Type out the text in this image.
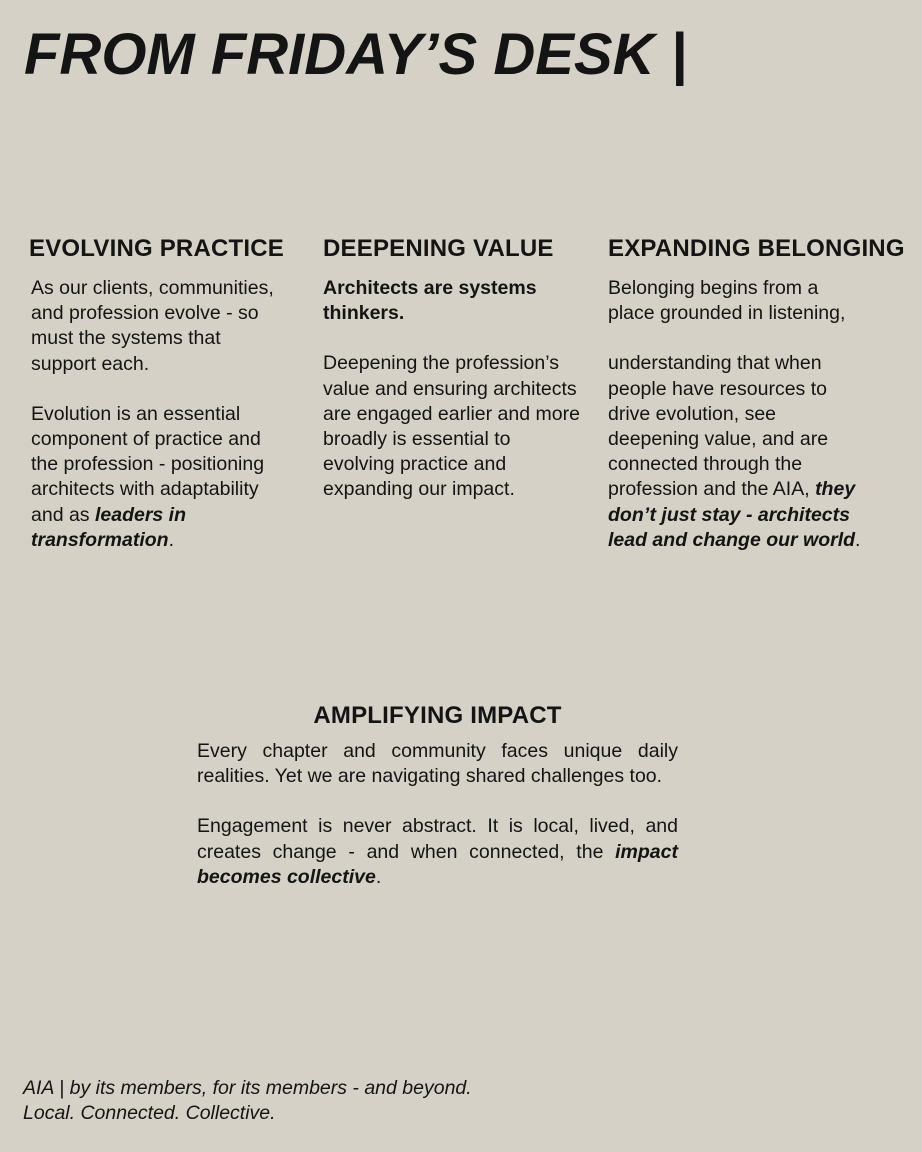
FROM FRIDAY’S DESK |
EVOLVING PRACTICE

As our clients, communities, and profession evolve - so must the systems that support each.

Evolution is an essential component of practice and the profession - positioning architects with adaptability and as leaders in transformation.

DEEPENING VALUE

Architects are systems thinkers.

Deepening the profession’s value and ensuring architects are engaged earlier and more broadly is essential to evolving practice and expanding our impact.

EXPANDING BELONGING

Belonging begins from a place grounded in listening,

understanding that when people have resources to drive evolution, see deepening value, and are connected through the profession and the AIA, they don’t just stay - architects lead and change our world.

AMPLIFYING IMPACT

Every chapter and community faces unique daily realities. Yet we are navigating shared challenges too.

Engagement is never abstract. It is local, lived, and creates change - and when connected, the impact becomes collective.

AIA | by its members, for its members - and beyond.
Local. Connected. Collective.
